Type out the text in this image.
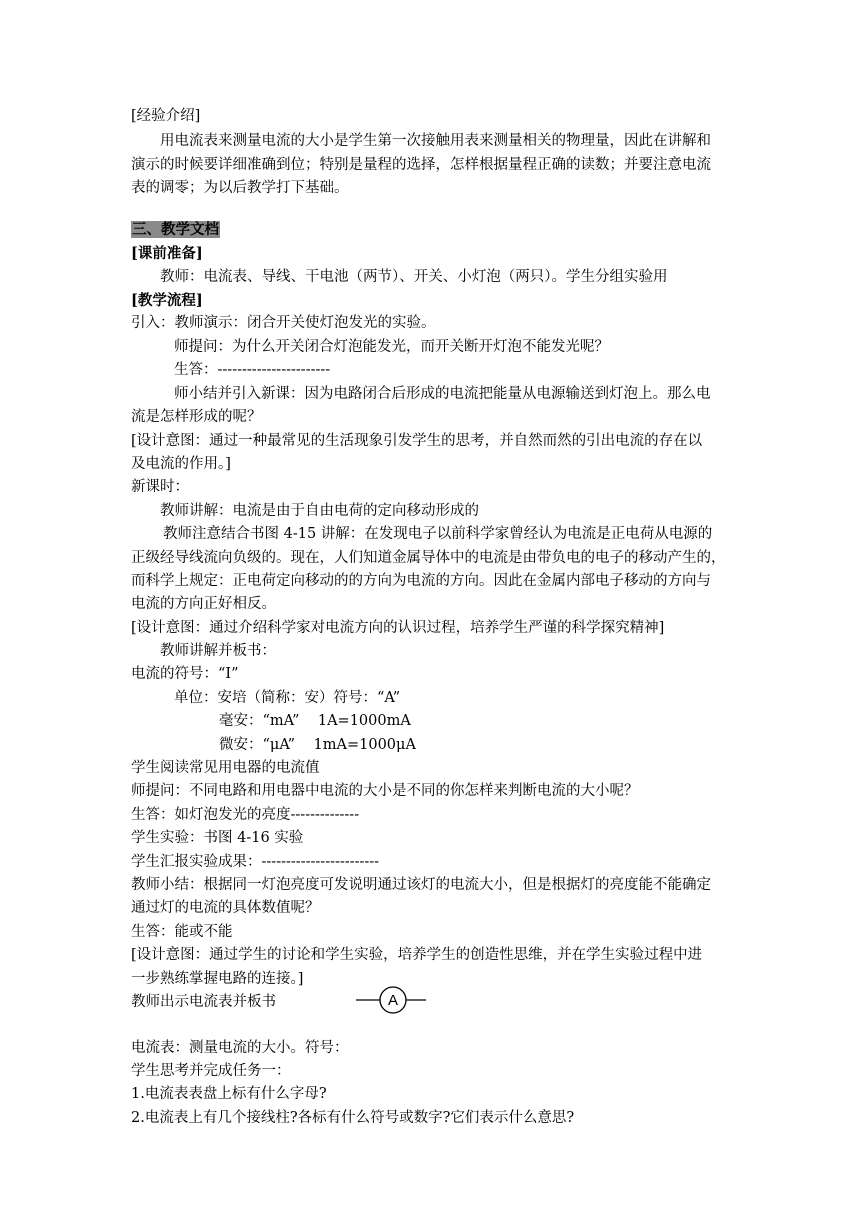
[经验介绍]
用电流表来测量电流的大小是学生第一次接触用表来测量相关的物理量，因此在讲解和
演示的时候要详细准确到位；特别是量程的选择，怎样根据量程正确的读数；并要注意电流
表的调零；为以后教学打下基础。
三、教学文档
[课前准备]
教师：电流表、导线、干电池（两节）、开关、小灯泡（两只）。学生分组实验用
[教学流程]
引入：教师演示：闭合开关使灯泡发光的实验。
师提问：为什么开关闭合灯泡能发光，而开关断开灯泡不能发光呢？
生答：-----------------------
师小结并引入新课：因为电路闭合后形成的电流把能量从电源输送到灯泡上。那么电
流是怎样形成的呢？
[设计意图：通过一种最常见的生活现象引发学生的思考，并自然而然的引出电流的存在以
及电流的作用。]
新课时：
教师讲解：电流是由于自由电荷的定向移动形成的
教师注意结合书图 4-15 讲解：在发现电子以前科学家曾经认为电流是正电荷从电源的
正级经导线流向负级的。现在，人们知道金属导体中的电流是由带负电的电子的移动产生的，
而科学上规定：正电荷定向移动的的方向为电流的方向。因此在金属内部电子移动的方向与
电流的方向正好相反。
[设计意图：通过介绍科学家对电流方向的认识过程，培养学生严谨的科学探究精神]
教师讲解并板书：
电流的符号：“I”
单位：安培（简称：安）符号：“A”
毫安：“mA”    1A=1000mA
微安：“μA”    1mA=1000μA
学生阅读常见用电器的电流值
师提问：不同电路和用电器中电流的大小是不同的你怎样来判断电流的大小呢？
生答：如灯泡发光的亮度--------------
学生实验：书图 4-16 实验
学生汇报实验成果：------------------------
教师小结：根据同一灯泡亮度可发说明通过该灯的电流大小，但是根据灯的亮度能不能确定
通过灯的电流的具体数值呢？
生答：能或不能
[设计意图：通过学生的讨论和学生实验，培养学生的创造性思维，并在学生实验过程中进
一步熟练掌握电路的连接。]
教师出示电流表并板书
电流表：测量电流的大小。符号：
A
学生思考并完成任务一：
1.电流表表盘上标有什么字母?
2.电流表上有几个接线柱?各标有什么符号或数字?它们表示什么意思?
